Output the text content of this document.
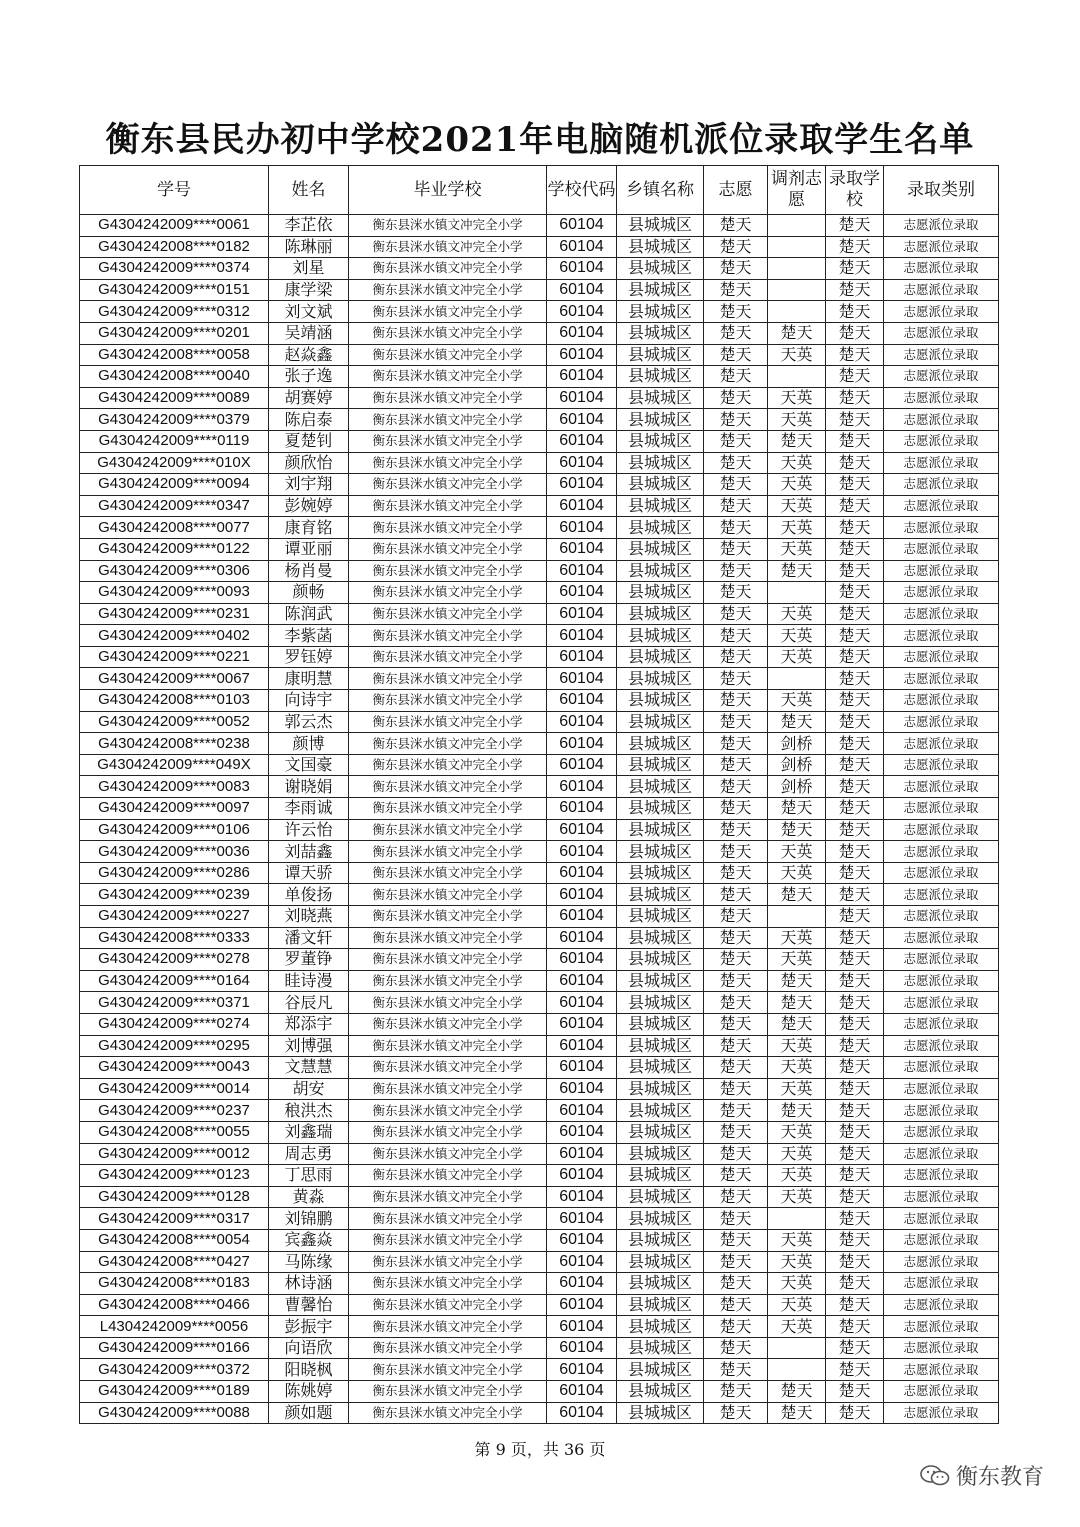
衡东县民办初中学校2021年电脑随机派位录取学生名单
学号	姓名	毕业学校	学校代码	乡镇名称	志愿	调剂志愿	录取学校	录取类别
G4304242009****0061	李芷依	衡东县洣水镇文冲完全小学	60104	县城城区	楚天		楚天	志愿派位录取
G4304242008****0182	陈琳丽	衡东县洣水镇文冲完全小学	60104	县城城区	楚天		楚天	志愿派位录取
G4304242009****0374	刘星	衡东县洣水镇文冲完全小学	60104	县城城区	楚天		楚天	志愿派位录取
G4304242009****0151	康学梁	衡东县洣水镇文冲完全小学	60104	县城城区	楚天		楚天	志愿派位录取
G4304242009****0312	刘文斌	衡东县洣水镇文冲完全小学	60104	县城城区	楚天		楚天	志愿派位录取
G4304242009****0201	吴靖涵	衡东县洣水镇文冲完全小学	60104	县城城区	楚天	楚天	楚天	志愿派位录取
G4304242008****0058	赵焱鑫	衡东县洣水镇文冲完全小学	60104	县城城区	楚天	天英	楚天	志愿派位录取
G4304242008****0040	张子逸	衡东县洣水镇文冲完全小学	60104	县城城区	楚天		楚天	志愿派位录取
G4304242009****0089	胡赛婷	衡东县洣水镇文冲完全小学	60104	县城城区	楚天	天英	楚天	志愿派位录取
G4304242009****0379	陈启泰	衡东县洣水镇文冲完全小学	60104	县城城区	楚天	天英	楚天	志愿派位录取
G4304242009****0119	夏楚钊	衡东县洣水镇文冲完全小学	60104	县城城区	楚天	楚天	楚天	志愿派位录取
G4304242009****010X	颜欣怡	衡东县洣水镇文冲完全小学	60104	县城城区	楚天	天英	楚天	志愿派位录取
G4304242009****0094	刘宇翔	衡东县洣水镇文冲完全小学	60104	县城城区	楚天	天英	楚天	志愿派位录取
G4304242009****0347	彭婉婷	衡东县洣水镇文冲完全小学	60104	县城城区	楚天	天英	楚天	志愿派位录取
G4304242008****0077	康育铭	衡东县洣水镇文冲完全小学	60104	县城城区	楚天	天英	楚天	志愿派位录取
G4304242009****0122	谭亚丽	衡东县洣水镇文冲完全小学	60104	县城城区	楚天	天英	楚天	志愿派位录取
G4304242009****0306	杨肖曼	衡东县洣水镇文冲完全小学	60104	县城城区	楚天	楚天	楚天	志愿派位录取
G4304242009****0093	颜畅	衡东县洣水镇文冲完全小学	60104	县城城区	楚天		楚天	志愿派位录取
G4304242009****0231	陈润武	衡东县洣水镇文冲完全小学	60104	县城城区	楚天	天英	楚天	志愿派位录取
G4304242009****0402	李紫菡	衡东县洣水镇文冲完全小学	60104	县城城区	楚天	天英	楚天	志愿派位录取
G4304242009****0221	罗钰婷	衡东县洣水镇文冲完全小学	60104	县城城区	楚天	天英	楚天	志愿派位录取
G4304242009****0067	康明慧	衡东县洣水镇文冲完全小学	60104	县城城区	楚天		楚天	志愿派位录取
G4304242008****0103	向诗宇	衡东县洣水镇文冲完全小学	60104	县城城区	楚天	天英	楚天	志愿派位录取
G4304242009****0052	郭云杰	衡东县洣水镇文冲完全小学	60104	县城城区	楚天	楚天	楚天	志愿派位录取
G4304242008****0238	颜博	衡东县洣水镇文冲完全小学	60104	县城城区	楚天	剑桥	楚天	志愿派位录取
G4304242009****049X	文国豪	衡东县洣水镇文冲完全小学	60104	县城城区	楚天	剑桥	楚天	志愿派位录取
G4304242009****0083	谢晓娟	衡东县洣水镇文冲完全小学	60104	县城城区	楚天	剑桥	楚天	志愿派位录取
G4304242009****0097	李雨诚	衡东县洣水镇文冲完全小学	60104	县城城区	楚天	楚天	楚天	志愿派位录取
G4304242009****0106	许云怡	衡东县洣水镇文冲完全小学	60104	县城城区	楚天	楚天	楚天	志愿派位录取
G4304242009****0036	刘喆鑫	衡东县洣水镇文冲完全小学	60104	县城城区	楚天	天英	楚天	志愿派位录取
G4304242009****0286	谭天骄	衡东县洣水镇文冲完全小学	60104	县城城区	楚天	天英	楚天	志愿派位录取
G4304242009****0239	单俊扬	衡东县洣水镇文冲完全小学	60104	县城城区	楚天	楚天	楚天	志愿派位录取
G4304242009****0227	刘晓燕	衡东县洣水镇文冲完全小学	60104	县城城区	楚天		楚天	志愿派位录取
G4304242008****0333	潘文轩	衡东县洣水镇文冲完全小学	60104	县城城区	楚天	天英	楚天	志愿派位录取
G4304242009****0278	罗董铮	衡东县洣水镇文冲完全小学	60104	县城城区	楚天	天英	楚天	志愿派位录取
G4304242009****0164	眭诗漫	衡东县洣水镇文冲完全小学	60104	县城城区	楚天	楚天	楚天	志愿派位录取
G4304242009****0371	谷辰凡	衡东县洣水镇文冲完全小学	60104	县城城区	楚天	楚天	楚天	志愿派位录取
G4304242009****0274	郑添宇	衡东县洣水镇文冲完全小学	60104	县城城区	楚天	楚天	楚天	志愿派位录取
G4304242009****0295	刘博强	衡东县洣水镇文冲完全小学	60104	县城城区	楚天	天英	楚天	志愿派位录取
G4304242009****0043	文慧慧	衡东县洣水镇文冲完全小学	60104	县城城区	楚天	天英	楚天	志愿派位录取
G4304242009****0014	胡安	衡东县洣水镇文冲完全小学	60104	县城城区	楚天	天英	楚天	志愿派位录取
G4304242009****0237	稂洪杰	衡东县洣水镇文冲完全小学	60104	县城城区	楚天	楚天	楚天	志愿派位录取
G4304242008****0055	刘鑫瑞	衡东县洣水镇文冲完全小学	60104	县城城区	楚天	天英	楚天	志愿派位录取
G4304242009****0012	周志勇	衡东县洣水镇文冲完全小学	60104	县城城区	楚天	天英	楚天	志愿派位录取
G4304242009****0123	丁思雨	衡东县洣水镇文冲完全小学	60104	县城城区	楚天	天英	楚天	志愿派位录取
G4304242009****0128	黄淼	衡东县洣水镇文冲完全小学	60104	县城城区	楚天	天英	楚天	志愿派位录取
G4304242009****0317	刘锦鹏	衡东县洣水镇文冲完全小学	60104	县城城区	楚天		楚天	志愿派位录取
G4304242008****0054	宾鑫焱	衡东县洣水镇文冲完全小学	60104	县城城区	楚天	天英	楚天	志愿派位录取
G4304242008****0427	马陈缘	衡东县洣水镇文冲完全小学	60104	县城城区	楚天	天英	楚天	志愿派位录取
G4304242008****0183	林诗涵	衡东县洣水镇文冲完全小学	60104	县城城区	楚天	天英	楚天	志愿派位录取
G4304242008****0466	曹馨怡	衡东县洣水镇文冲完全小学	60104	县城城区	楚天	天英	楚天	志愿派位录取
L4304242009****0056	彭振宇	衡东县洣水镇文冲完全小学	60104	县城城区	楚天	天英	楚天	志愿派位录取
G4304242009****0166	向语欣	衡东县洣水镇文冲完全小学	60104	县城城区	楚天		楚天	志愿派位录取
G4304242009****0372	阳晓枫	衡东县洣水镇文冲完全小学	60104	县城城区	楚天		楚天	志愿派位录取
G4304242009****0189	陈姚婷	衡东县洣水镇文冲完全小学	60104	县城城区	楚天	楚天	楚天	志愿派位录取
G4304242009****0088	颜如题	衡东县洣水镇文冲完全小学	60104	县城城区	楚天	楚天	楚天	志愿派位录取
第 9 页，共 36 页
衡东教育
